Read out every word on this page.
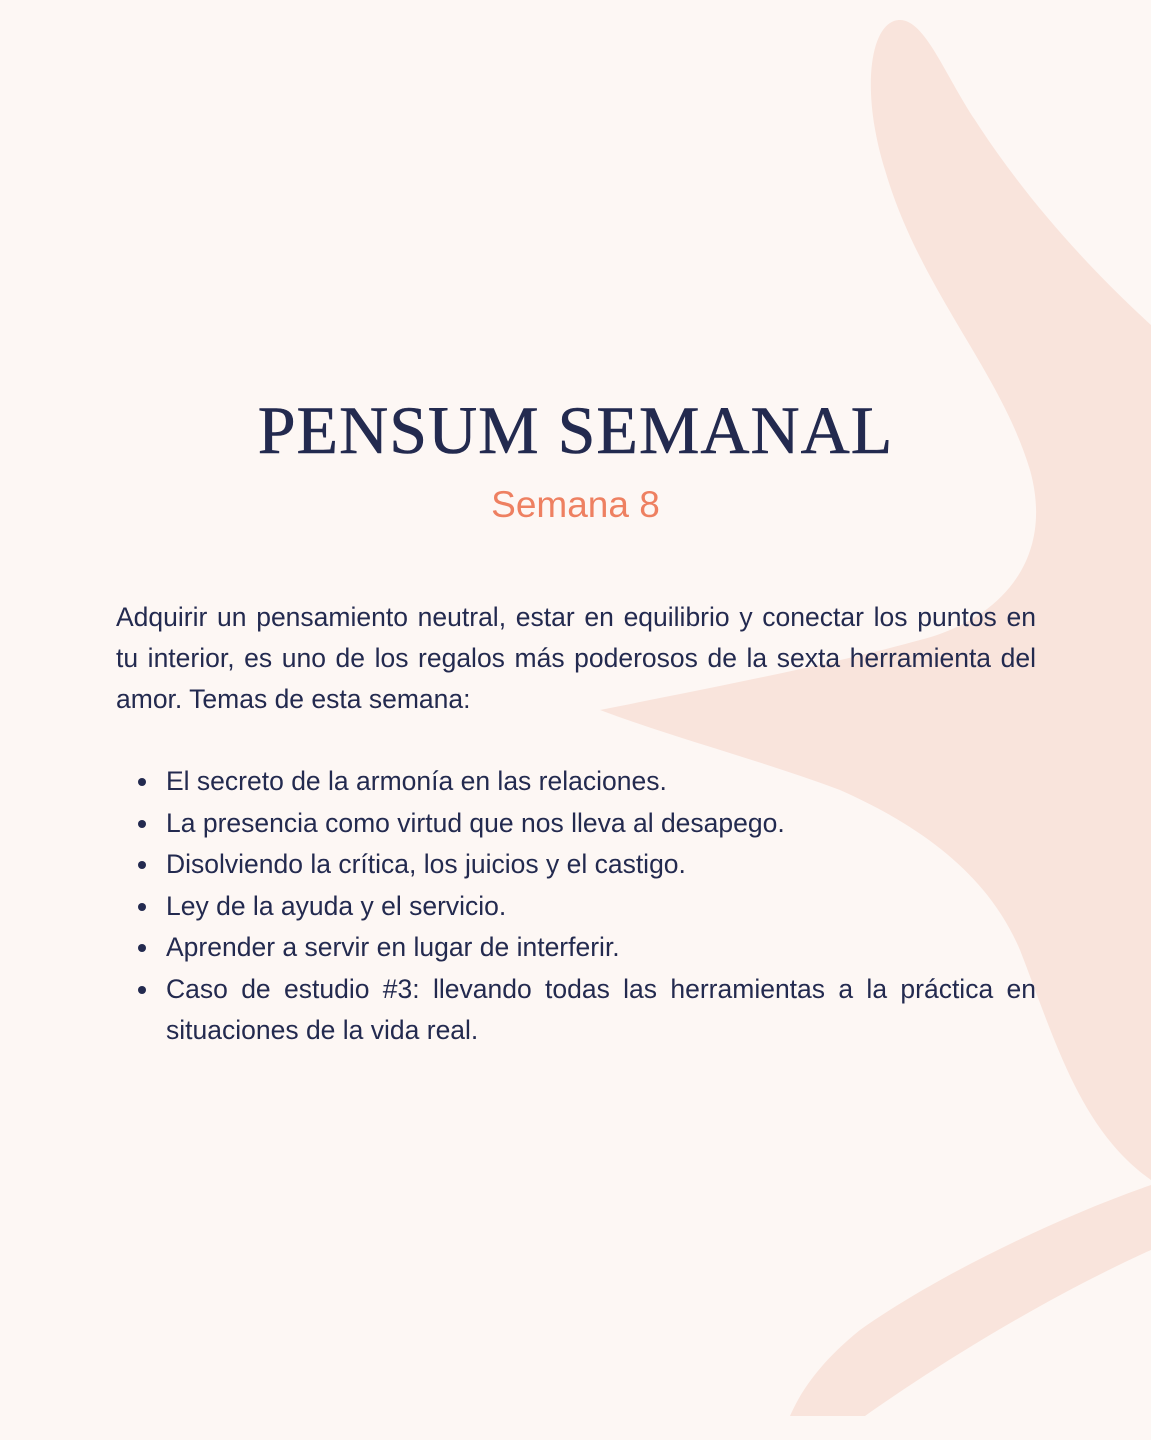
PENSUM SEMANAL
Semana 8

Adquirir un pensamiento neutral, estar en equilibrio y conectar los puntos en tu interior, es uno de los regalos más poderosos de la sexta herramienta del amor. Temas de esta semana:

El secreto de la armonía en las relaciones.
La presencia como virtud que nos lleva al desapego.
Disolviendo la crítica, los juicios y el castigo.
Ley de la ayuda y el servicio.
Aprender a servir en lugar de interferir.
Caso de estudio #3: llevando todas las herramientas a la práctica en situaciones de la vida real.
